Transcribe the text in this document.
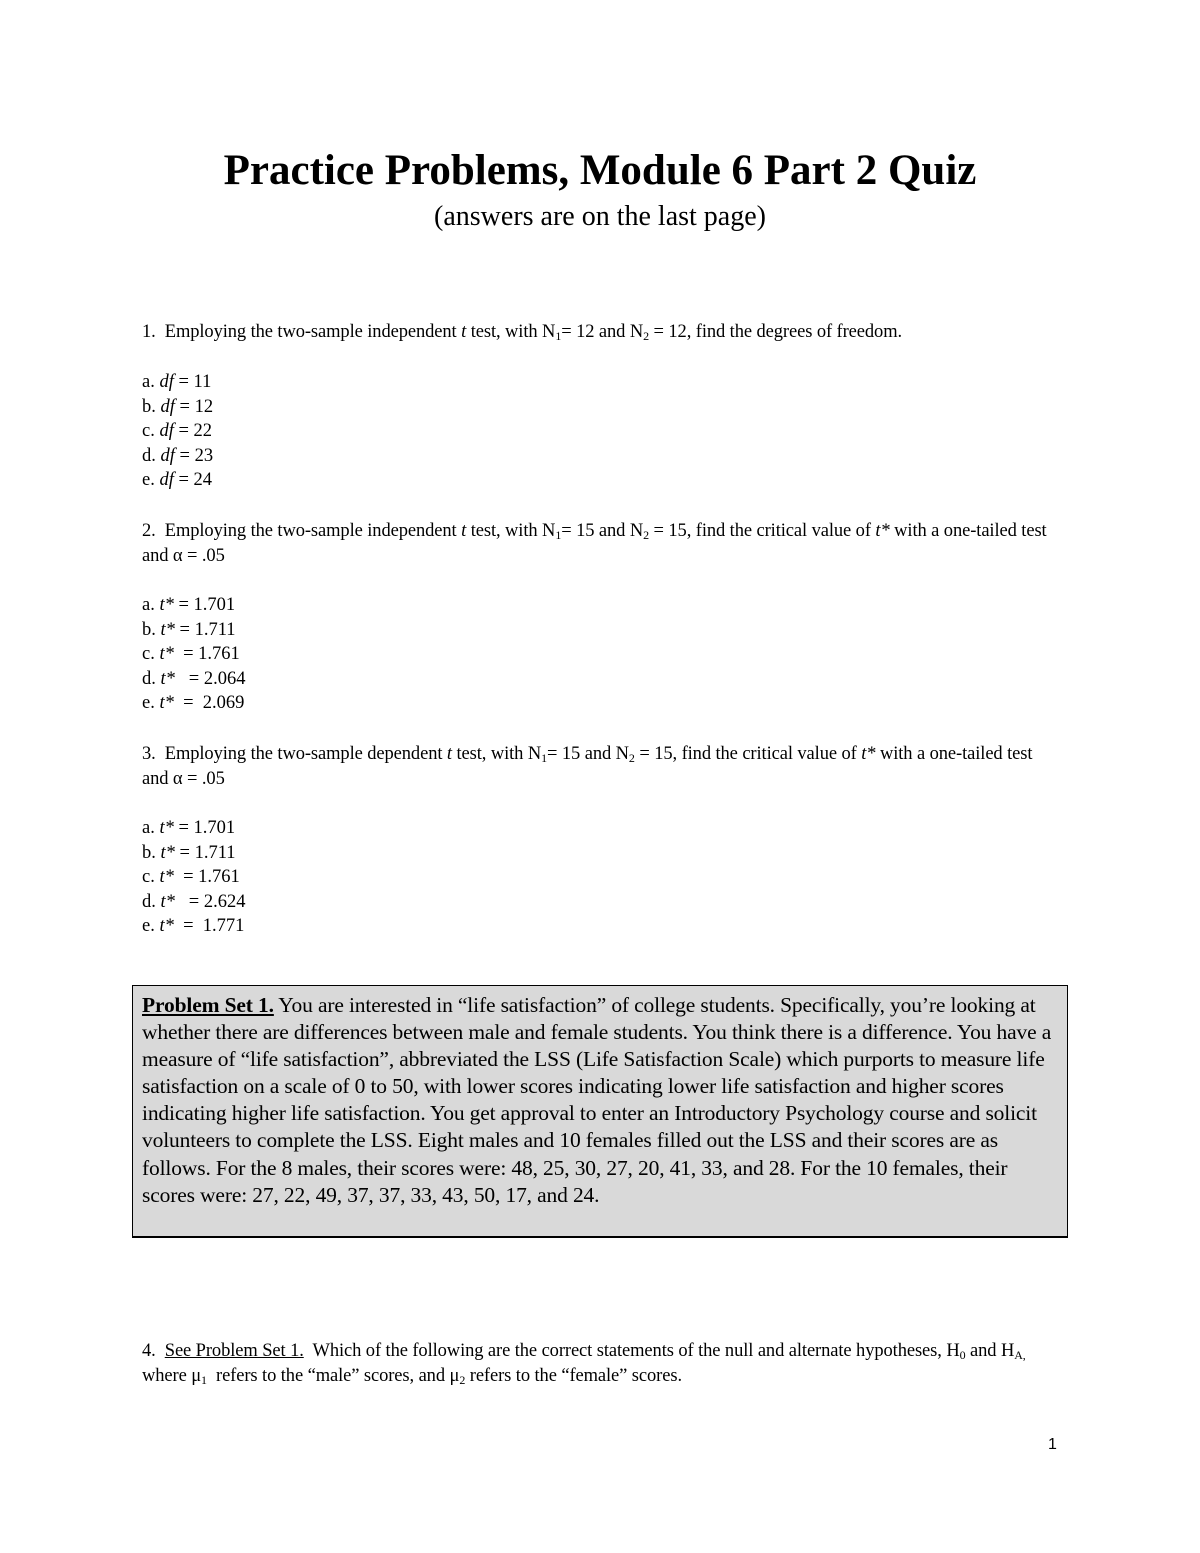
Practice Problems, Module 6 Part 2 Quiz
(answers are on the last page)
1. Employing the two-sample independent t test, with $N_1= 12$ and $N_2 = 12$, find the degrees of freedom.
a. df = 11
b. df = 12
c. df = 22
d. df = 23
e. df = 24
2. Employing the two-sample independent t test, with $N_1= 15$ and $N_2 = 15$, find the critical value of t* with a one-tailed test and α = .05
a. t* = 1.701
b. t* = 1.711
c. t*  = 1.761
d. t*   = 2.064
e. t*  =  2.069
3. Employing the two-sample dependent t test, with $N_1= 15$ and $N_2 = 15$, find the critical value of t* with a one-tailed test and α = .05
a. t* = 1.701
b. t* = 1.711
c. t*  = 1.761
d. t*   = 2.624
e. t*  =  1.771
Problem Set 1. You are interested in “life satisfaction” of college students. Specifically, you’re looking at whether there are differences between male and female students. You think there is a difference. You have a measure of “life satisfaction”, abbreviated the LSS (Life Satisfaction Scale) which purports to measure life satisfaction on a scale of 0 to 50, with lower scores indicating lower life satisfaction and higher scores indicating higher life satisfaction. You get approval to enter an Introductory Psychology course and solicit volunteers to complete the LSS. Eight males and 10 females filled out the LSS and their scores are as follows. For the 8 males, their scores were: 48, 25, 30, 27, 20, 41, 33, and 28. For the 10 females, their scores were: 27, 22, 49, 37, 37, 33, 43, 50, 17, and 24.
4. See Problem Set 1. Which of the following are the correct statements of the null and alternate hypotheses, $H_0$ and $H_{A,}$ where $\mu_1$ refers to the “male” scores, and $\mu_2$ refers to the “female” scores.
1
